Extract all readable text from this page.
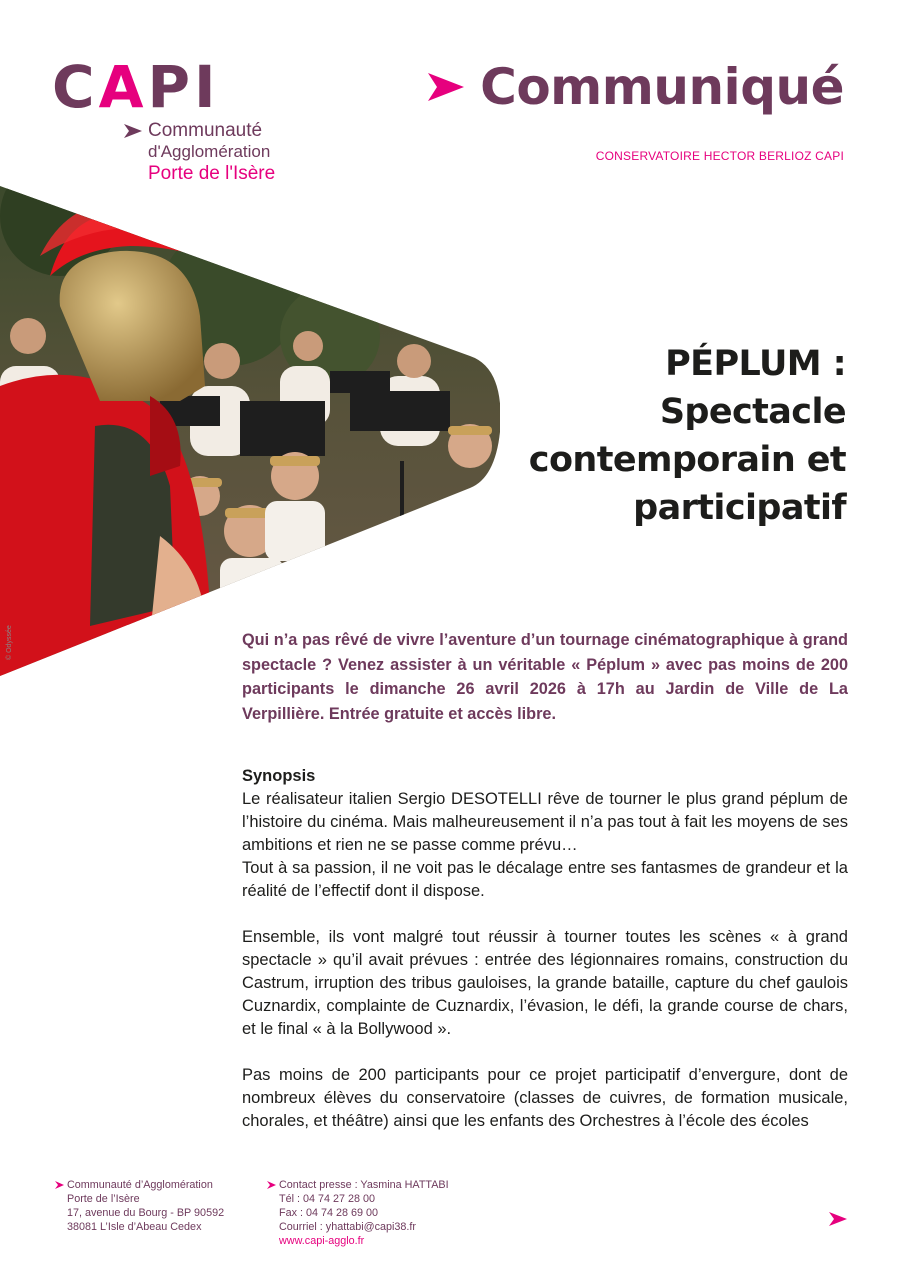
CAPI
Communauté
d'Agglomération
Porte de l'Isère
Communiqué
CONSERVATOIRE HECTOR BERLIOZ CAPI
© Odyssée
PÉPLUM :
Spectacle
contemporain et
participatif
Qui n’a pas rêvé de vivre l’aventure d’un tournage cinématographique à grand spectacle ? Venez assister à un véritable « Péplum » avec pas moins de 200 participants le dimanche 26 avril 2026 à 17h au Jardin de Ville de La Verpillière. Entrée gratuite et accès libre.

Synopsis

Le réalisateur italien Sergio DESOTELLI rêve de tourner le plus grand péplum de l’histoire du cinéma. Mais malheureusement il n’a pas tout à fait les moyens de ses ambitions et rien ne se passe comme prévu…

Tout à sa passion, il ne voit pas le décalage entre ses fantasmes de grandeur et la réalité de l’effectif dont il dispose.

Ensemble, ils vont malgré tout réussir à tourner toutes les scènes « à grand spectacle » qu’il avait prévues : entrée des légionnaires romains, construction du Castrum, irruption des tribus gauloises, la grande bataille, capture du chef gaulois Cuznardix, complainte de Cuznardix, l’évasion, le défi, la grande course de chars, et le final « à la Bollywood ».

Pas moins de 200 participants pour ce projet participatif d’envergure, dont de nombreux élèves du conservatoire (classes de cuivres, de formation musicale, chorales, et théâtre) ainsi que les enfants des Orchestres à l’école des écoles

Communauté d’Agglomération
Porte de l’Isère
17, avenue du Bourg - BP 90592
38081 L’Isle d’Abeau Cedex
Contact presse : Yasmina HATTABI
Tél : 04 74 27 28 00
Fax : 04 74 28 69 00
Courriel : yhattabi@capi38.fr
www.capi-agglo.fr
